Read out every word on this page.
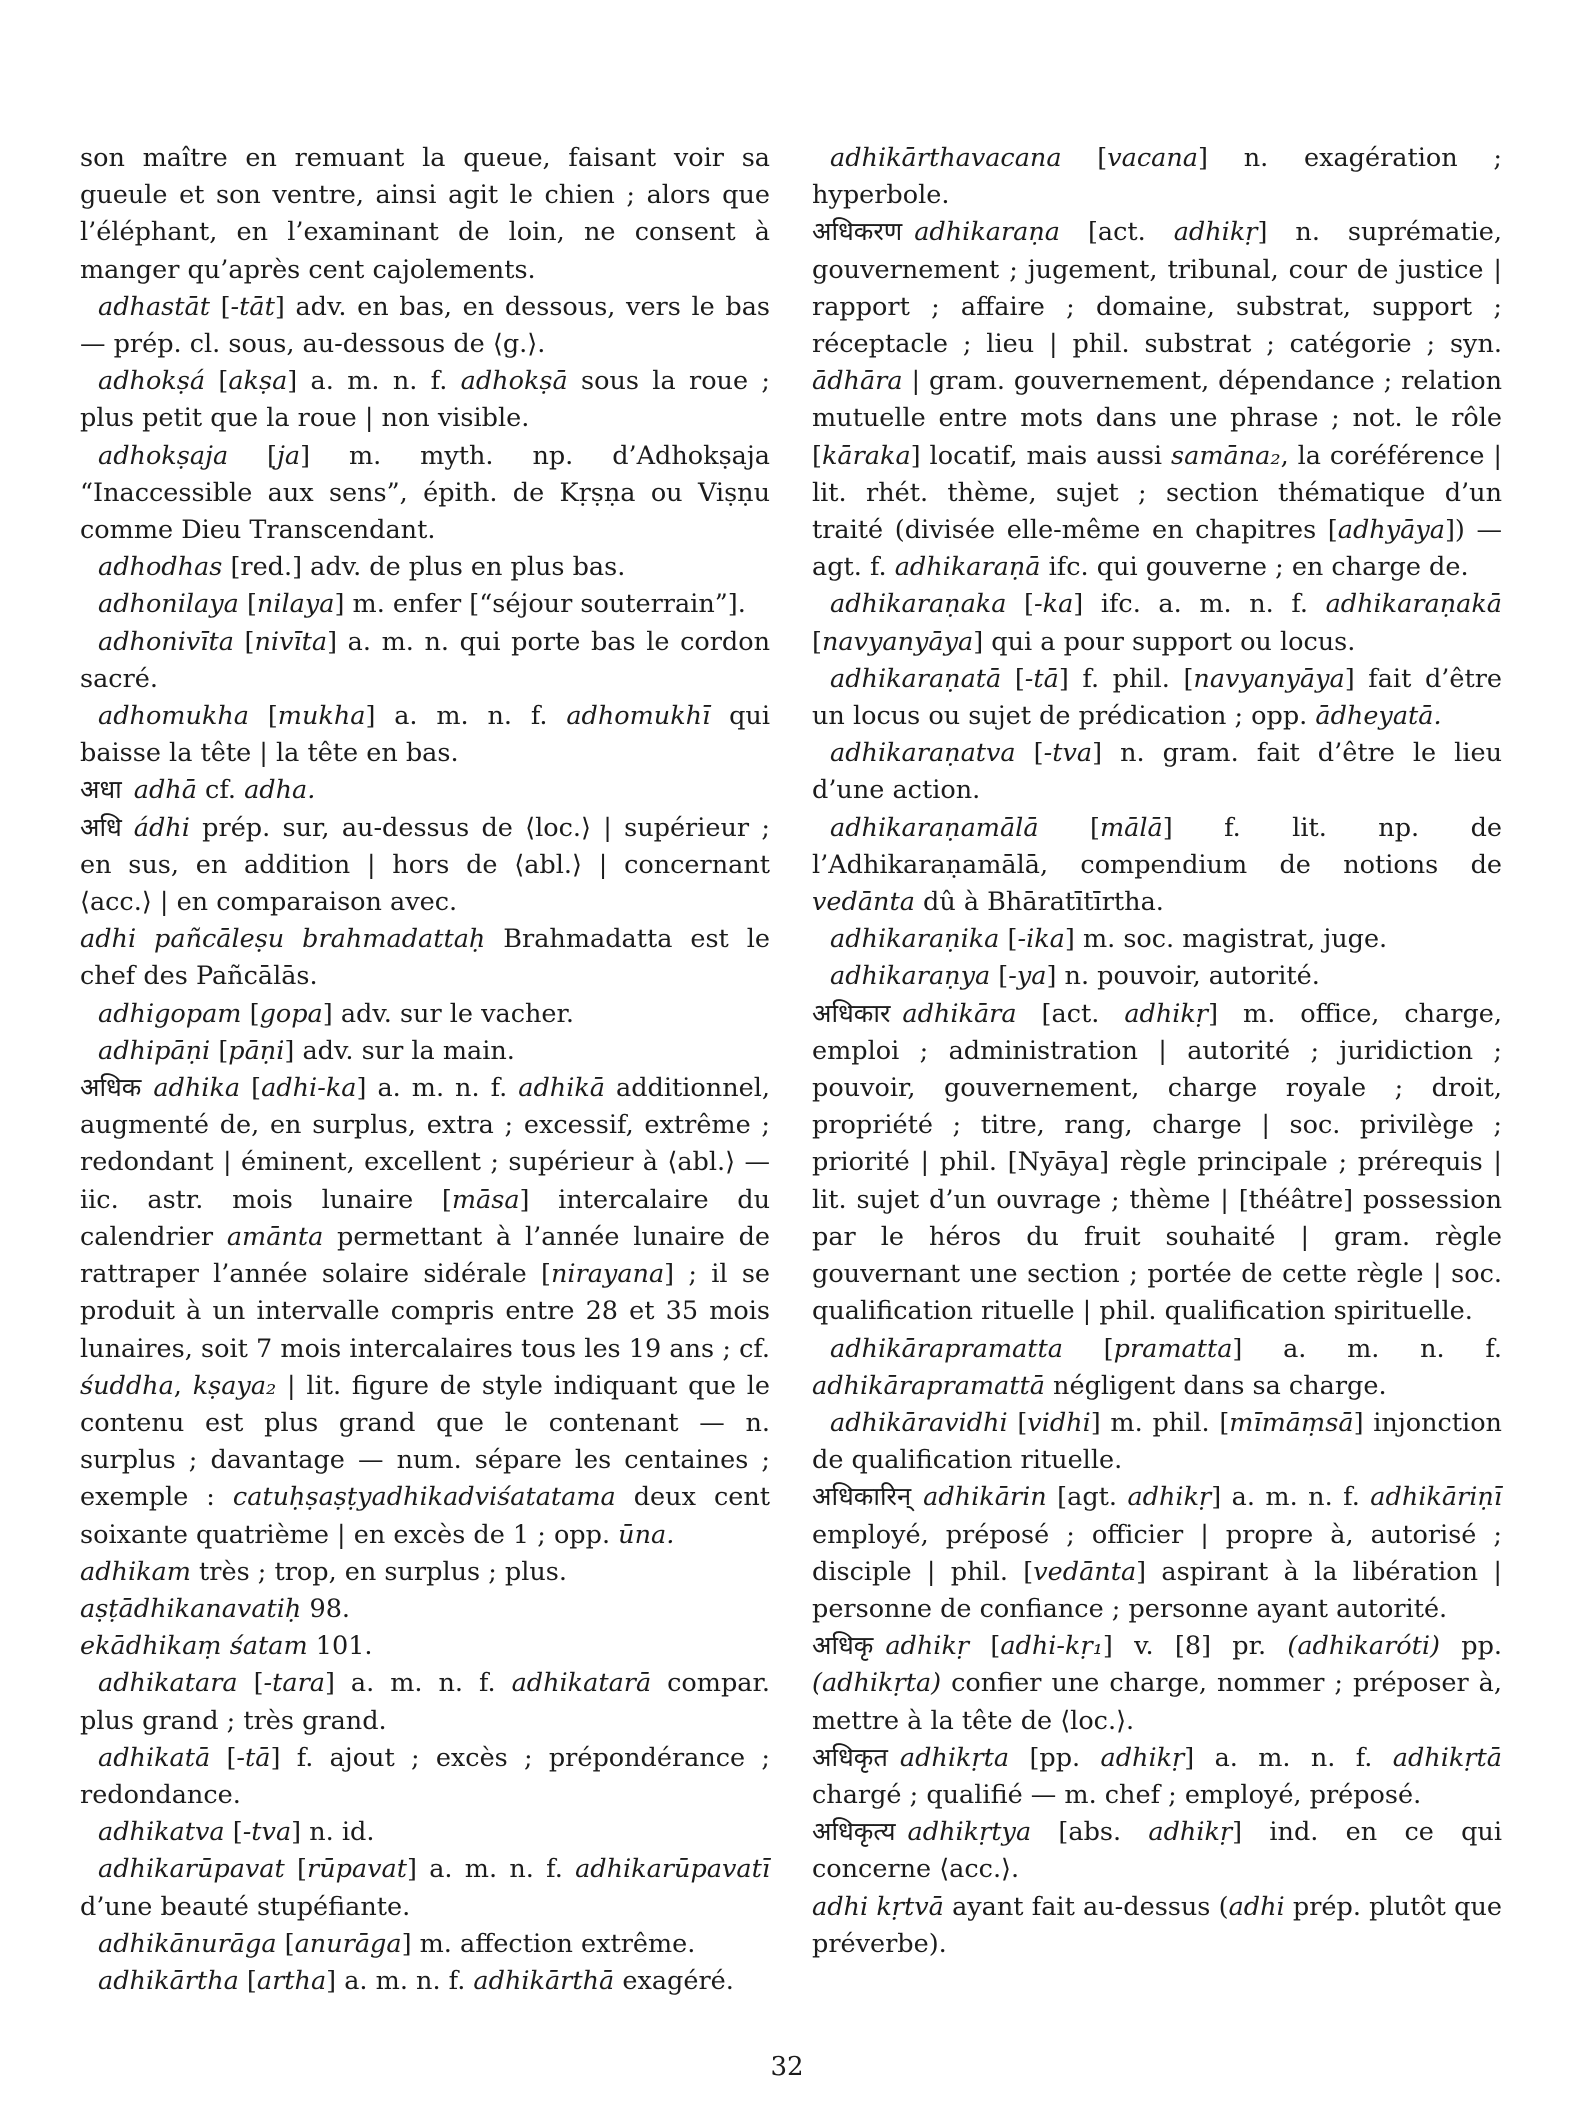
son maître en remuant la queue, faisant voir sa gueule et son ventre, ainsi agit le chien ; alors que l’éléphant, en l’examinant de loin, ne consent à manger qu’après cent cajolements.

adhastāt [-tāt] adv. en bas, en dessous, vers le bas — prép. cl. sous, au-dessous de ⟨g.⟩.

adhokṣá [akṣa] a. m. n. f. adhokṣā sous la roue ; plus petit que la roue | non visible.

adhokṣaja [ja] m. myth. np. d’Adhokṣaja “Inaccessible aux sens”, épith. de Kṛṣṇa ou Viṣṇu comme Dieu Transcendant.

adhodhas [red.] adv. de plus en plus bas.

adhonilaya [nilaya] m. enfer [“séjour souterrain”].

adhonivīta [nivīta] a. m. n. qui porte bas le cordon sacré.

adhomukha [mukha] a. m. n. f. adhomukhī qui baisse la tête | la tête en bas.

अधा adhā cf. adha.

अधि ádhi prép. sur, au-dessus de ⟨loc.⟩ | supérieur ; en sus, en addition | hors de ⟨abl.⟩ | concernant ⟨acc.⟩ | en comparaison avec.

adhi pañcāleṣu brahmadattaḥ Brahmadatta est le chef des Pañcālās.

adhigopam [gopa] adv. sur le vacher.

adhipāṇi [pāṇi] adv. sur la main.

अधिक adhika [adhi-ka] a. m. n. f. adhikā additionnel, augmenté de, en surplus, extra ; excessif, extrême ; redondant | éminent, excellent ; supérieur à ⟨abl.⟩ — iic. astr. mois lunaire [māsa] intercalaire du calendrier amānta permettant à l’année lunaire de rattraper l’année solaire sidérale [nirayana] ; il se produit à un intervalle compris entre 28 et 35 mois lunaires, soit 7 mois intercalaires tous les 19 ans ; cf. śuddha, kṣaya₂ | lit. figure de style indiquant que le contenu est plus grand que le contenant — n. surplus ; davantage — num. sépare les centaines ; exemple : catuḥṣaṣṭyadhikadviśatatama deux cent soixante quatrième | en excès de 1 ; opp. ūna.

adhikam très ; trop, en surplus ; plus.

aṣṭādhikanavatiḥ 98.

ekādhikaṃ śatam 101.

adhikatara [-tara] a. m. n. f. adhikatarā compar. plus grand ; très grand.

adhikatā [-tā] f. ajout ; excès ; prépondérance ; redondance.

adhikatva [-tva] n. id.

adhikarūpavat [rūpavat] a. m. n. f. adhikarūpavatī d’une beauté stupéfiante.

adhikānurāga [anurāga] m. affection extrême.

adhikārtha [artha] a. m. n. f. adhikārthā exagéré.

adhikārthavacana [vacana] n. exagération ; hyperbole.

अधिकरण adhikaraṇa [act. adhikṛ] n. suprématie, gouvernement ; jugement, tribunal, cour de justice | rapport ; affaire ; domaine, substrat, support ; réceptacle ; lieu | phil. substrat ; catégorie ; syn. ādhāra | gram. gouvernement, dépendance ; relation mutuelle entre mots dans une phrase ; not. le rôle [kāraka] locatif, mais aussi samāna₂, la coréférence | lit. rhét. thème, sujet ; section thématique d’un traité (divisée elle-même en chapitres [adhyāya]) — agt. f. adhikaraṇā ifc. qui gouverne ; en charge de.

adhikaraṇaka [-ka] ifc. a. m. n. f. adhikaraṇakā [navyanyāya] qui a pour support ou locus.

adhikaraṇatā [-tā] f. phil. [navyanyāya] fait d’être un locus ou sujet de prédication ; opp. ādheyatā.

adhikaraṇatva [-tva] n. gram. fait d’être le lieu d’une action.

adhikaraṇamālā [mālā] f. lit. np. de l’Adhikaraṇamālā, compendium de notions de vedānta dû à Bhāratītīrtha.

adhikaraṇika [-ika] m. soc. magistrat, juge.

adhikaraṇya [-ya] n. pouvoir, autorité.

अधिकार adhikāra [act. adhikṛ] m. office, charge, emploi ; administration | autorité ; juridiction ; pouvoir, gouvernement, charge royale ; droit, propriété ; titre, rang, charge | soc. privilège ; priorité | phil. [Nyāya] règle principale ; prérequis | lit. sujet d’un ouvrage ; thème | [théâtre] possession par le héros du fruit souhaité | gram. règle gouvernant une section ; portée de cette règle | soc. qualification rituelle | phil. qualification spirituelle.

adhikārapramatta [pramatta] a. m. n. f. adhikārapramattā négligent dans sa charge.

adhikāravidhi [vidhi] m. phil. [mīmāṃsā] injonction de qualification rituelle.

अधिकारिन् adhikārin [agt. adhikṛ] a. m. n. f. adhikāriṇī employé, préposé ; officier | propre à, autorisé ; disciple | phil. [vedānta] aspirant à la libération | personne de confiance ; personne ayant autorité.

अधिकृ adhikṛ [adhi-kṛ₁] v. [8] pr. (adhikaróti) pp. (adhikṛta) confier une charge, nommer ; préposer à, mettre à la tête de ⟨loc.⟩.

अधिकृत adhikṛta [pp. adhikṛ] a. m. n. f. adhikṛtā chargé ; qualifié — m. chef ; employé, préposé.

अधिकृत्य adhikṛtya [abs. adhikṛ] ind. en ce qui concerne ⟨acc.⟩.

adhi kṛtvā ayant fait au-dessus (adhi prép. plutôt que préverbe).

32
